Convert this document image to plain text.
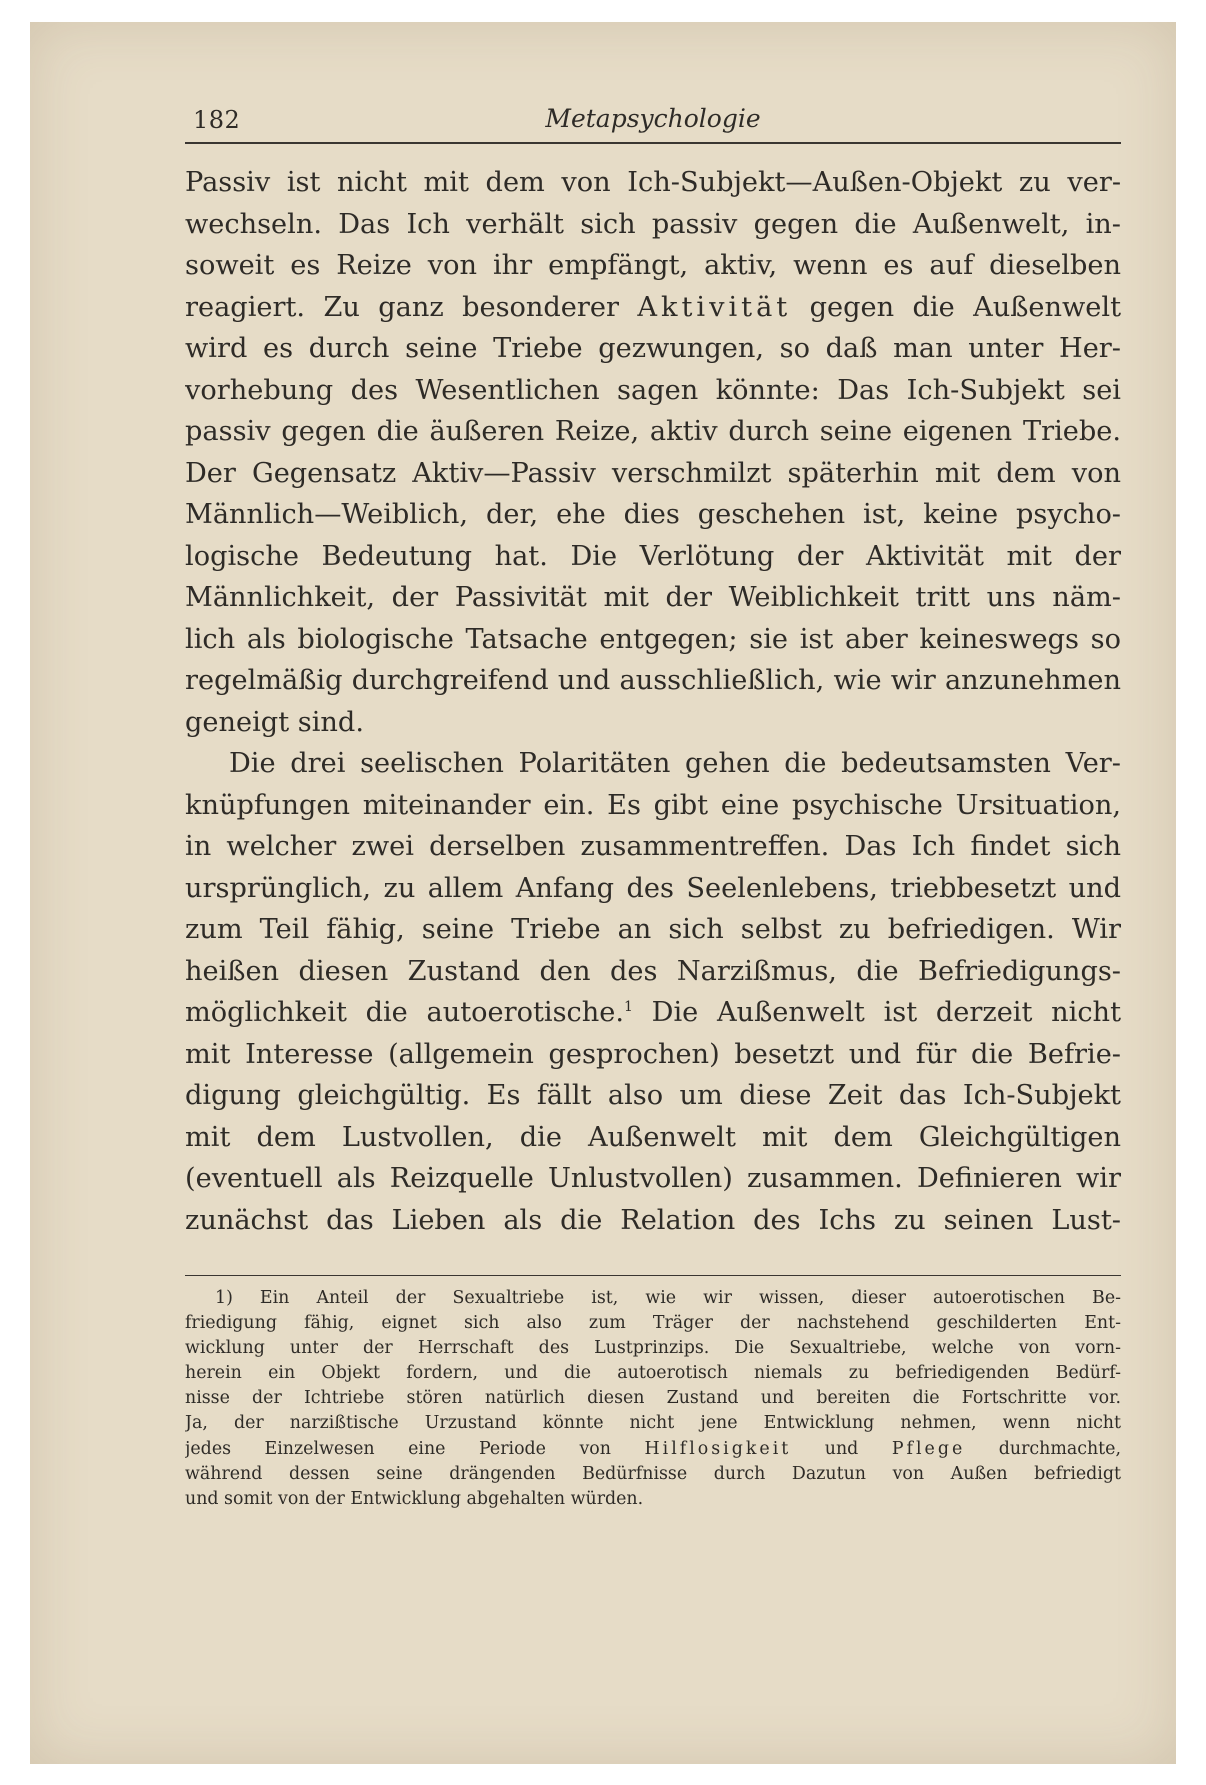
182	Metapsychologie
Passiv ist nicht mit dem von Ich-Subjekt—Außen-Objekt zu ver-
wechseln. Das Ich verhält sich passiv gegen die Außenwelt, in-
soweit es Reize von ihr empfängt, aktiv, wenn es auf dieselben
reagiert. Zu ganz besonderer Aktivität gegen die Außenwelt
wird es durch seine Triebe gezwungen, so daß man unter Her-
vorhebung des Wesentlichen sagen könnte: Das Ich-Subjekt sei
passiv gegen die äußeren Reize, aktiv durch seine eigenen Triebe.
Der Gegensatz Aktiv—Passiv verschmilzt späterhin mit dem von
Männlich—Weiblich, der, ehe dies geschehen ist, keine psycho-
logische Bedeutung hat. Die Verlötung der Aktivität mit der
Männlichkeit, der Passivität mit der Weiblichkeit tritt uns näm-
lich als biologische Tatsache entgegen; sie ist aber keineswegs so
regelmäßig durchgreifend und ausschließlich, wie wir anzunehmen
geneigt sind.
Die drei seelischen Polaritäten gehen die bedeutsamsten Ver-
knüpfungen miteinander ein. Es gibt eine psychische Ursituation,
in welcher zwei derselben zusammentreffen. Das Ich findet sich
ursprünglich, zu allem Anfang des Seelenlebens, triebbesetzt und
zum Teil fähig, seine Triebe an sich selbst zu befriedigen. Wir
heißen diesen Zustand den des Narzißmus, die Befriedigungs-
möglichkeit die autoerotische.$^1$ Die Außenwelt ist derzeit nicht
mit Interesse (allgemein gesprochen) besetzt und für die Befrie-
digung gleichgültig. Es fällt also um diese Zeit das Ich-Subjekt
mit dem Lustvollen, die Außenwelt mit dem Gleichgültigen
(eventuell als Reizquelle Unlustvollen) zusammen. Definieren wir
zunächst das Lieben als die Relation des Ichs zu seinen Lust-
1) Ein Anteil der Sexualtriebe ist, wie wir wissen, dieser autoerotischen Be-
friedigung fähig, eignet sich also zum Träger der nachstehend geschilderten Ent-
wicklung unter der Herrschaft des Lustprinzips. Die Sexualtriebe, welche von vorn-
herein ein Objekt fordern, und die autoerotisch niemals zu befriedigenden Bedürf-
nisse der Ichtriebe stören natürlich diesen Zustand und bereiten die Fortschritte vor.
Ja, der narzißtische Urzustand könnte nicht jene Entwicklung nehmen, wenn nicht
jedes Einzelwesen eine Periode von Hilflosigkeit und Pflege durchmachte,
während dessen seine drängenden Bedürfnisse durch Dazutun von Außen befriedigt
und somit von der Entwicklung abgehalten würden.
